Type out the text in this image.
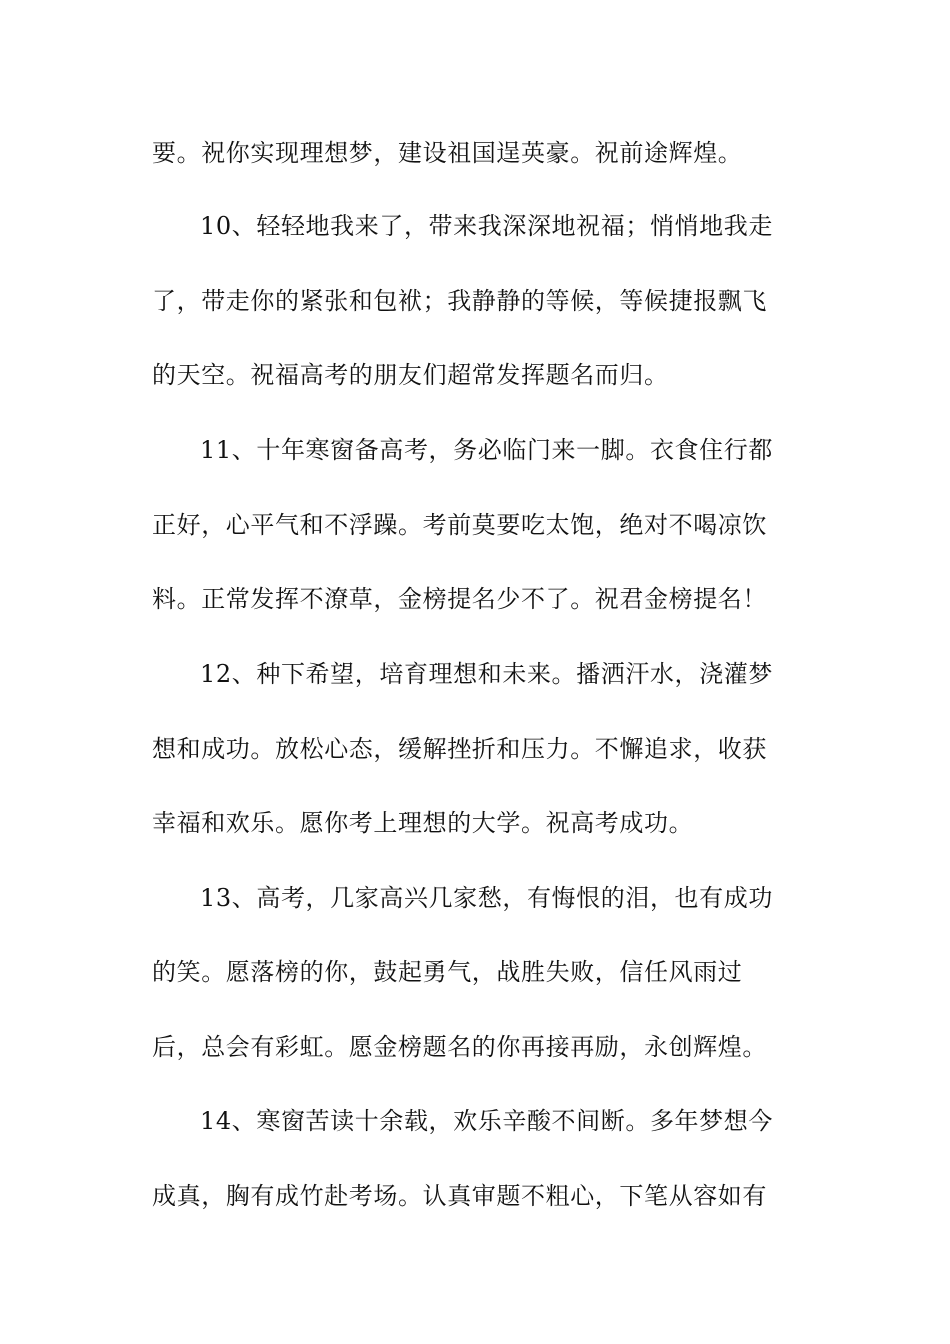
要。祝你实现理想梦，建设祖国逞英豪。祝前途辉煌。

10、轻轻地我来了，带来我深深地祝福；悄悄地我走

了，带走你的紧张和包袱；我静静的等候，等候捷报飘飞

的天空。祝福高考的朋友们超常发挥题名而归。

11、十年寒窗备高考，务必临门来一脚。衣食住行都

正好，心平气和不浮躁。考前莫要吃太饱，绝对不喝凉饮

料。正常发挥不潦草，金榜提名少不了。祝君金榜提名！

12、种下希望，培育理想和未来。播洒汗水，浇灌梦

想和成功。放松心态，缓解挫折和压力。不懈追求，收获

幸福和欢乐。愿你考上理想的大学。祝高考成功。

13、高考，几家高兴几家愁，有悔恨的泪，也有成功

的笑。愿落榜的你，鼓起勇气，战胜失败，信任风雨过

后，总会有彩虹。愿金榜题名的你再接再励，永创辉煌。

14、寒窗苦读十余载，欢乐辛酸不间断。多年梦想今

成真，胸有成竹赴考场。认真审题不粗心，下笔从容如有
